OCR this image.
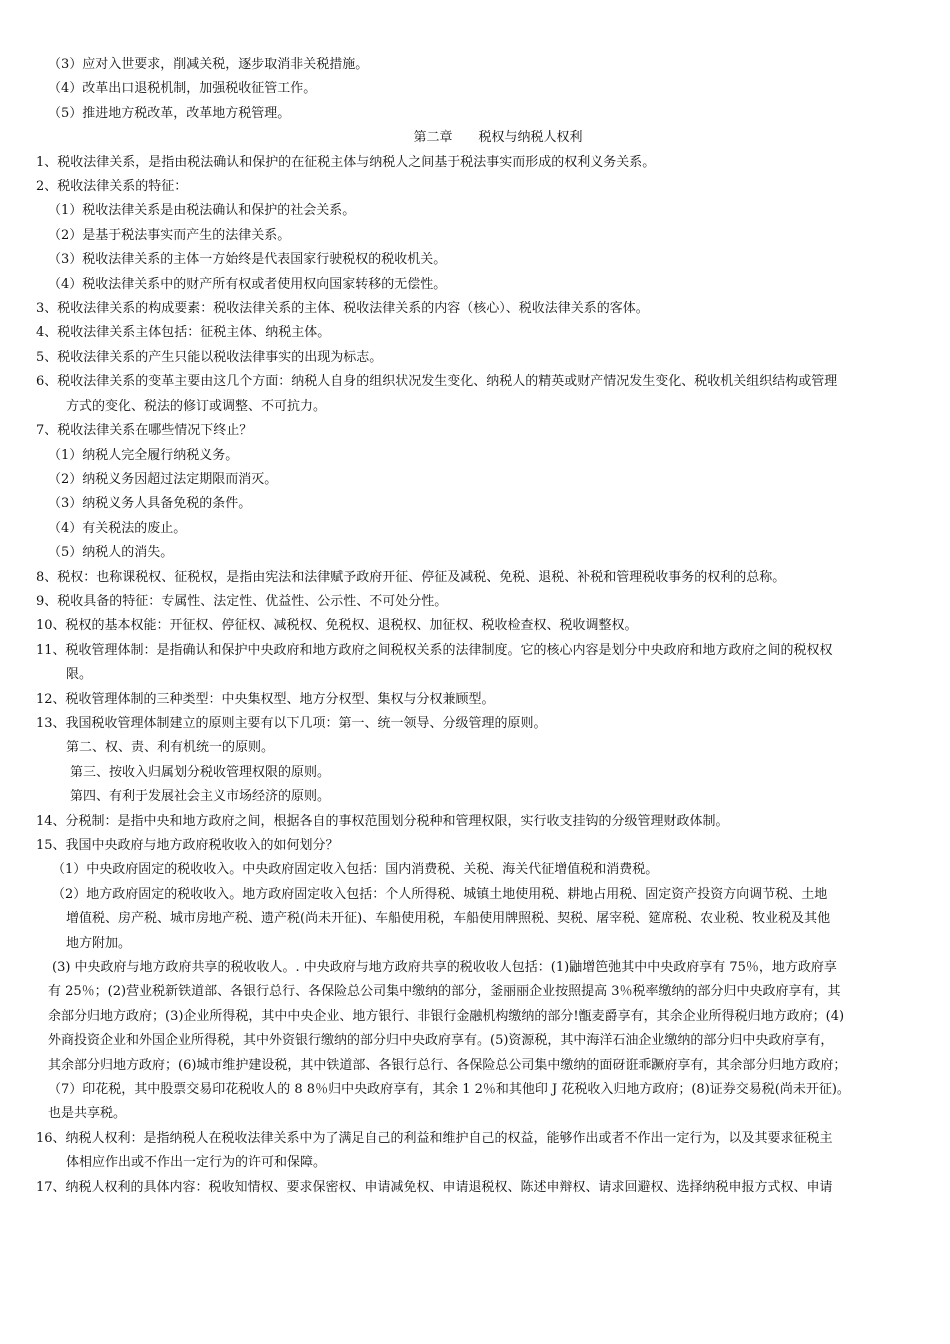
（3）应对入世要求，削减关税，逐步取消非关税措施。
（4）改革出口退税机制，加强税收征管工作。
（5）推进地方税改革，改革地方税管理。
第二章　　税权与纳税人权利
1、税收法律关系，是指由税法确认和保护的在征税主体与纳税人之间基于税法事实而形成的权利义务关系。
2、税收法律关系的特征：
（1）税收法律关系是由税法确认和保护的社会关系。
（2）是基于税法事实而产生的法律关系。
（3）税收法律关系的主体一方始终是代表国家行驶税权的税收机关。
（4）税收法律关系中的财产所有权或者使用权向国家转移的无偿性。
3、税收法律关系的构成要素：税收法律关系的主体、税收法律关系的内容（核心）、税收法律关系的客体。
4、税收法律关系主体包括：征税主体、纳税主体。
5、税收法律关系的产生只能以税收法律事实的出现为标志。
6、税收法律关系的变革主要由这几个方面：纳税人自身的组织状况发生变化、纳税人的精英或财产情况发生变化、税收机关组织结构或管理
方式的变化、税法的修订或调整、不可抗力。
7、税收法律关系在哪些情况下终止？
（1）纳税人完全履行纳税义务。
（2）纳税义务因超过法定期限而消灭。
（3）纳税义务人具备免税的条件。
（4）有关税法的废止。
（5）纳税人的消失。
8、税权：也称课税权、征税权，是指由宪法和法律赋予政府开征、停征及减税、免税、退税、补税和管理税收事务的权利的总称。
9、税收具备的特征：专属性、法定性、优益性、公示性、不可处分性。
10、税权的基本权能：开征权、停征权、减税权、免税权、退税权、加征权、税收检查权、税收调整权。
11、税收管理体制：是指确认和保护中央政府和地方政府之间税权关系的法律制度。它的核心内容是划分中央政府和地方政府之间的税权权
限。
12、税收管理体制的三种类型：中央集权型、地方分权型、集权与分权兼顾型。
13、我国税收管理体制建立的原则主要有以下几项：第一、统一领导、分级管理的原则。
第二、权、责、利有机统一的原则。
第三、按收入归属划分税收管理权限的原则。
第四、有利于发展社会主义市场经济的原则。
14、分税制：是指中央和地方政府之间，根据各自的事权范围划分税种和管理权限，实行收支挂钩的分级管理财政体制。
15、我国中央政府与地方政府税收收入的如何划分？
（1）中央政府固定的税收收入。中央政府固定收入包括：国内消费税、关税、海关代征增值税和消费税。
（2）地方政府固定的税收收入。地方政府固定收入包括：个人所得税、城镇土地使用税、耕地占用税、固定资产投资方向调节税、土地
增值税、房产税、城市房地产税、遗产税(尚未开征)、车船使用税，车船使用牌照税、契税、屠宰税、筵席税、农业税、牧业税及其他
地方附加。
(3) 中央政府与地方政府共享的税收收人。. 中央政府与地方政府共享的税收收人包括：(1)鼬增笆弛其中中央政府享有 75％，地方政府享
有 25％；(2)营业税新铁道部、各银行总行、各保险总公司集中缴纳的部分，釜丽丽企业按照提高 3％税率缴纳的部分归中央政府享有，其
余部分归地方政府；(3)企业所得税，其中中央企业、地方银行、非银行金融机构缴纳的部分!甑麦爵享有，其余企业所得税归地方政府；(4)
外商投资企业和外国企业所得税，其中外资银行缴纳的部分归中央政府享有。(5)资源税，其中海洋石油企业缴纳的部分归中央政府享有，
其余部分归地方政府；(6)城市维护建设税，其中铁道部、各银行总行、各保险总公司集中缴纳的面砑诳乖蹶府享有，其余部分归地方政府；
（7）印花税，其中股票交易印花税收人的 8 8％归中央政府享有，其余 1 2％和其他印 J 花税收入归地方政府；(8)证券交易税(尚未开征)。
也是共享税。
16、纳税人权利：是指纳税人在税收法律关系中为了满足自己的利益和维护自己的权益，能够作出或者不作出一定行为，以及其要求征税主
体相应作出或不作出一定行为的许可和保障。
17、纳税人权利的具体内容：税收知情权、要求保密权、申请减免权、申请退税权、陈述申辩权、请求回避权、选择纳税申报方式权、申请
